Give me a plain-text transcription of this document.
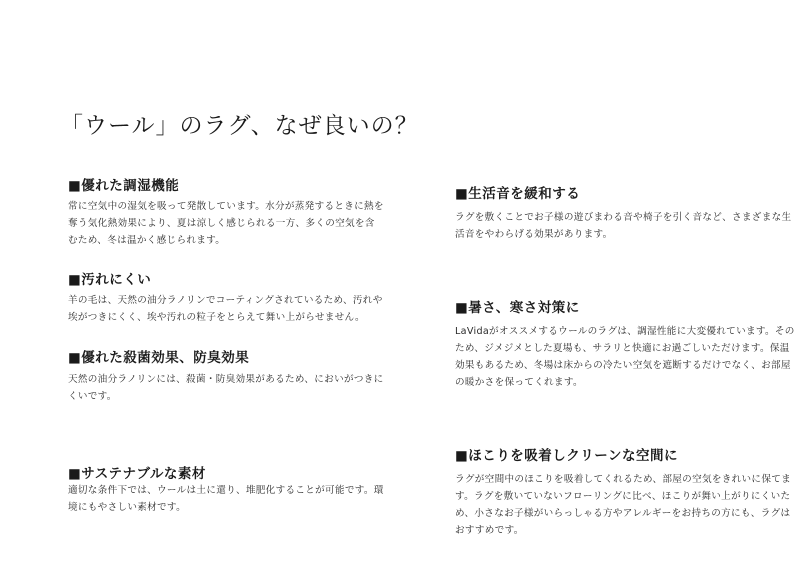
「ウール」のラグ、なぜ良いの？
■優れた調湿機能

常に空気中の湿気を吸って発散しています。水分が蒸発するときに熱を奪う気化熱効果により、夏は涼しく感じられる一方、多くの空気を含むため、冬は温かく感じられます。

■汚れにくい

羊の毛は、天然の油分ラノリンでコーティングされているため、汚れや埃がつきにくく、埃や汚れの粒子をとらえて舞い上がらせません。

■優れた殺菌効果、防臭効果

天然の油分ラノリンには、殺菌・防臭効果があるため、においがつきにくいです。

■サステナブルな素材

適切な条件下では、ウールは土に還り、堆肥化することが可能です。環境にもやさしい素材です。

■生活音を緩和する

ラグを敷くことでお子様の遊びまわる音や椅子を引く音など、さまざまな生活音をやわらげる効果があります。

■暑さ、寒さ対策に

LaVidaがオススメするウールのラグは、調湿性能に大変優れています。そのため、ジメジメとした夏場も、サラリと快適にお過ごしいただけます。保温効果もあるため、冬場は床からの冷たい空気を遮断するだけでなく、お部屋の暖かさを保ってくれます。

■ほこりを吸着しクリーンな空間に

ラグが空間中のほこりを吸着してくれるため、部屋の空気をきれいに保てます。ラグを敷いていないフローリングに比べ、ほこりが舞い上がりにくいため、小さなお子様がいらっしゃる方やアレルギーをお持ちの方にも、ラグはおすすめです。
